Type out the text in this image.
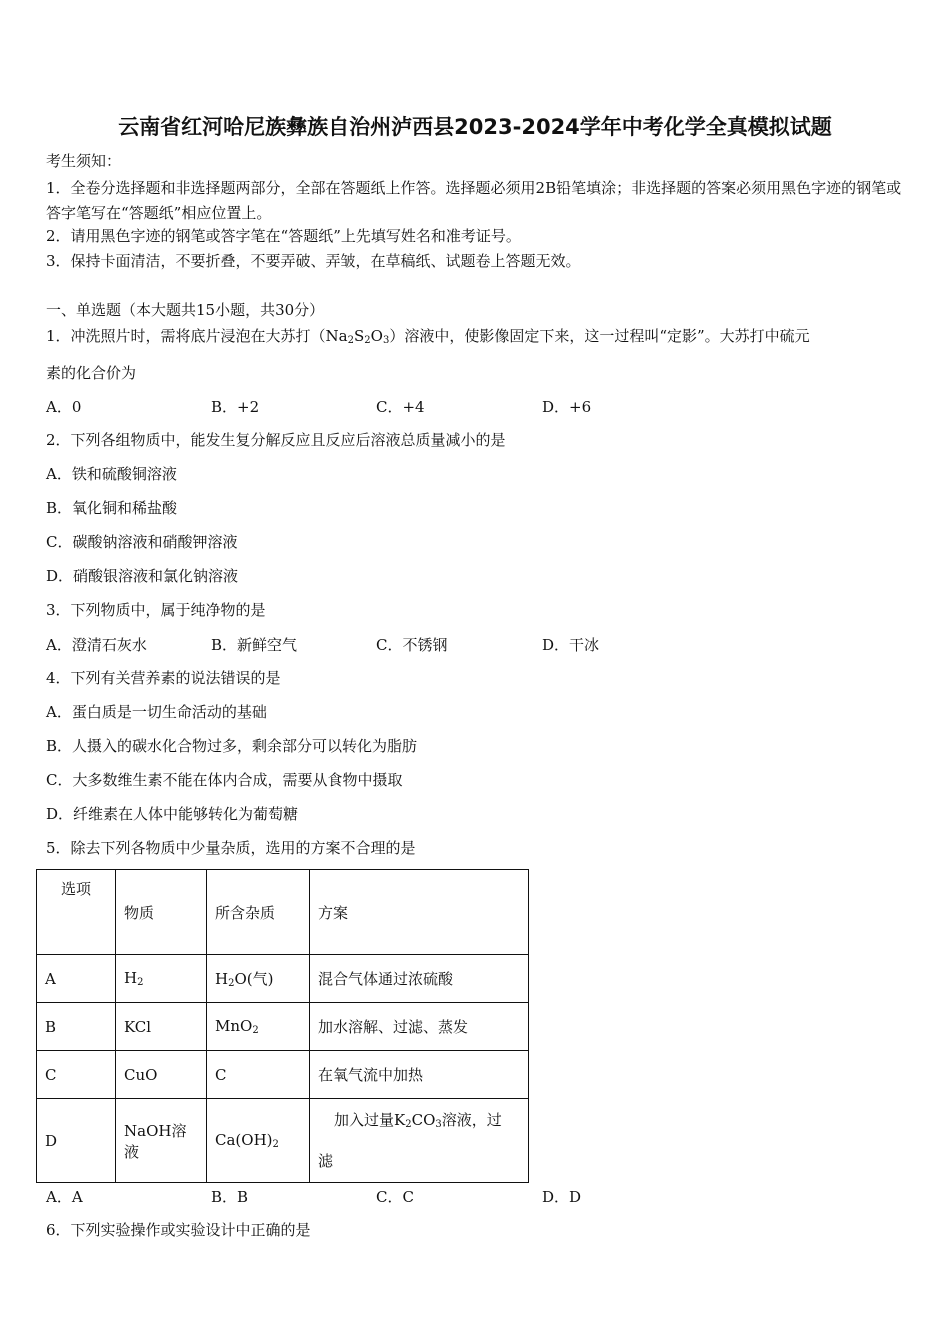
云南省红河哈尼族彝族自治州泸西县2023-2024学年中考化学全真模拟试题
考生须知：
1．全卷分选择题和非选择题两部分，全部在答题纸上作答。选择题必须用2B铅笔填涂；非选择题的答案必须用黑色字迹的钢笔或答字笔写在“答题纸”相应位置上。
2．请用黑色字迹的钢笔或答字笔在“答题纸”上先填写姓名和准考证号。
3．保持卡面清洁，不要折叠，不要弄破、弄皱，在草稿纸、试题卷上答题无效。
一、单选题（本大题共15小题，共30分）
1．冲洗照片时，需将底片浸泡在大苏打$(Na_2S_2O_3)$溶液中，使影像固定下来，这一过程叫“定影”。大苏打中硫元
素的化合价为
A．0	B．+2	C．+4	D．+6
2．下列各组物质中，能发生复分解反应且反应后溶液总质量减小的是
A．铁和硫酸铜溶液
B．氧化铜和稀盐酸
C．碳酸钠溶液和硝酸钾溶液
D．硝酸银溶液和氯化钠溶液
3．下列物质中，属于纯净物的是
A．澄清石灰水	B．新鲜空气	C．不锈钢	D．干冰
4．下列有关营养素的说法错误的是
A．蛋白质是一切生命活动的基础
B．人摄入的碳水化合物过多，剩余部分可以转化为脂肪
C．大多数维生素不能在体内合成，需要从食物中摄取
D．纤维素在人体中能够转化为葡萄糖
5．除去下列各物质中少量杂质，选用的方案不合理的是
选项	物质	所含杂质	方案
A	$H_2$	$H_2O$(气)	混合气体通过浓硫酸
B	KCl	MnO$_2$	加水溶解、过滤、蒸发
C	CuO	C	在氧气流中加热
D	NaOH溶液	$Ca(OH)_2$	加入过量$K_2CO_3$溶液，过
滤
A．A	B．B	C．C	D．D
6．下列实验操作或实验设计中正确的是
